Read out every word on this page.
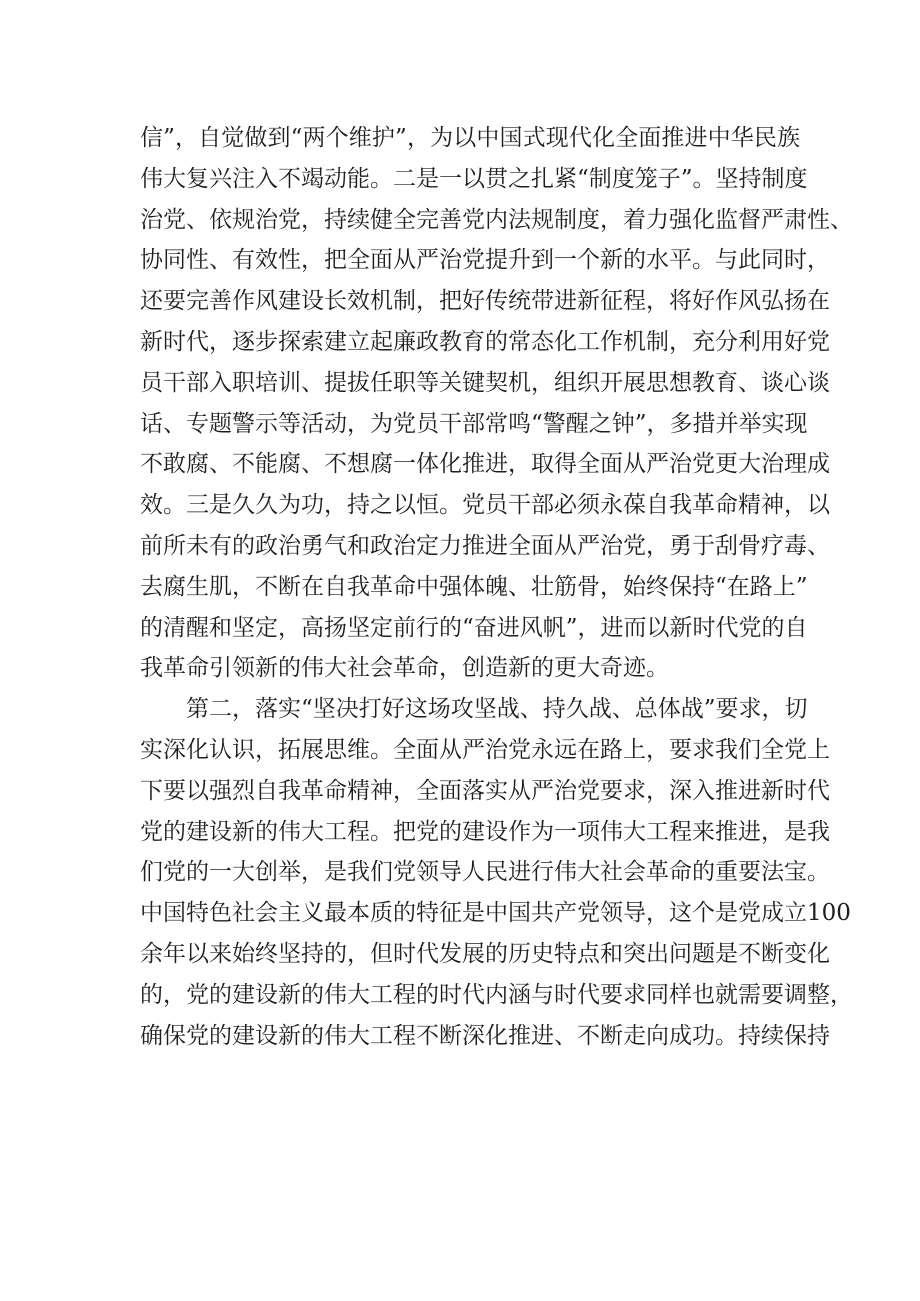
信”，自觉做到“两个维护”，为以中国式现代化全面推进中华民族
伟大复兴注入不竭动能。二是一以贯之扎紧“制度笼子”。坚持制度
治党、依规治党，持续健全完善党内法规制度，着力强化监督严肃性、
协同性、有效性，把全面从严治党提升到一个新的水平。与此同时，
还要完善作风建设长效机制，把好传统带进新征程，将好作风弘扬在
新时代，逐步探索建立起廉政教育的常态化工作机制，充分利用好党
员干部入职培训、提拔任职等关键契机，组织开展思想教育、谈心谈
话、专题警示等活动，为党员干部常鸣“警醒之钟”，多措并举实现
不敢腐、不能腐、不想腐一体化推进，取得全面从严治党更大治理成
效。三是久久为功，持之以恒。党员干部必须永葆自我革命精神，以
前所未有的政治勇气和政治定力推进全面从严治党，勇于刮骨疗毒、
去腐生肌，不断在自我革命中强体魄、壮筋骨，始终保持“在路上”
的清醒和坚定，高扬坚定前行的“奋进风帆”，进而以新时代党的自
我革命引领新的伟大社会革命，创造新的更大奇迹。
第二，落实“坚决打好这场攻坚战、持久战、总体战”要求，切
实深化认识，拓展思维。全面从严治党永远在路上，要求我们全党上
下要以强烈自我革命精神，全面落实从严治党要求，深入推进新时代
党的建设新的伟大工程。把党的建设作为一项伟大工程来推进，是我
们党的一大创举，是我们党领导人民进行伟大社会革命的重要法宝。
中国特色社会主义最本质的特征是中国共产党领导，这个是党成立100
余年以来始终坚持的，但时代发展的历史特点和突出问题是不断变化
的，党的建设新的伟大工程的时代内涵与时代要求同样也就需要调整，
确保党的建设新的伟大工程不断深化推进、不断走向成功。持续保持
